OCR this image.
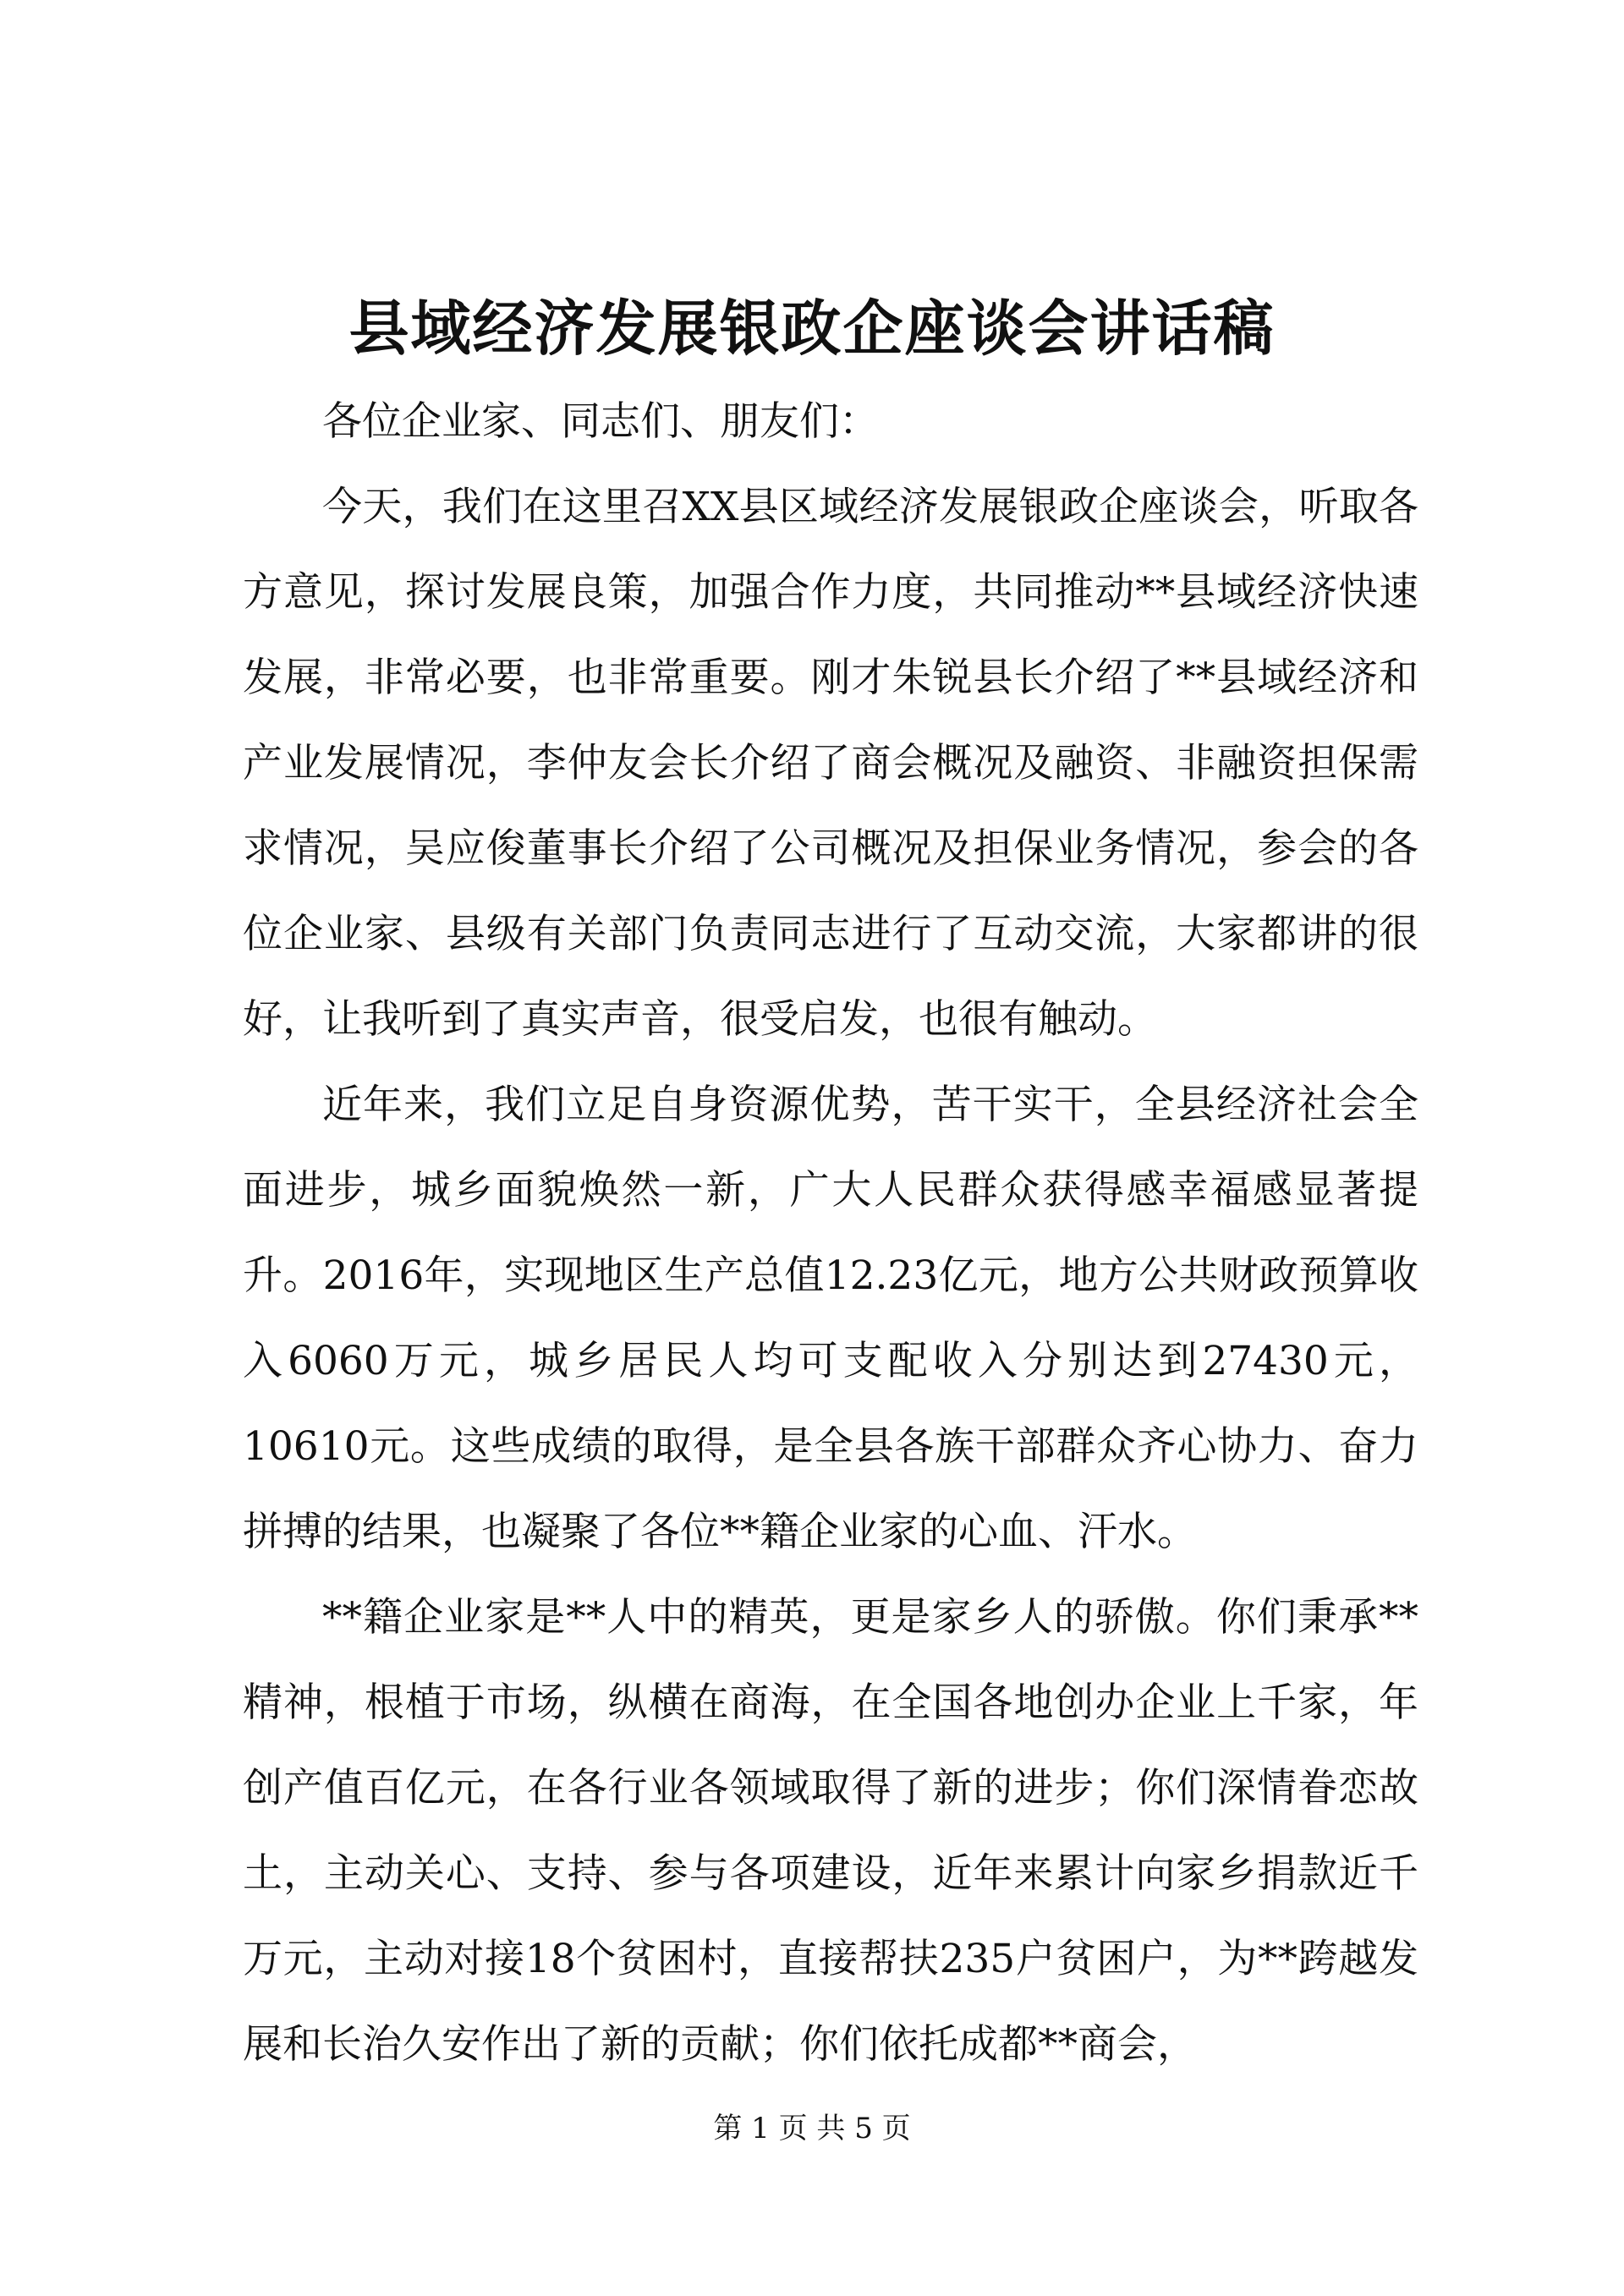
县域经济发展银政企座谈会讲话稿

各位企业家、同志们、朋友们：

今天，我们在这里召XX县区域经济发展银政企座谈会，听取各方意见，探讨发展良策，加强合作力度，共同推动**县域经济快速发展，非常必要，也非常重要。刚才朱锐县长介绍了**县域经济和产业发展情况，李仲友会长介绍了商会概况及融资、非融资担保需求情况，吴应俊董事长介绍了公司概况及担保业务情况，参会的各位企业家、县级有关部门负责同志进行了互动交流，大家都讲的很好，让我听到了真实声音，很受启发，也很有触动。

近年来，我们立足自身资源优势，苦干实干，全县经济社会全面进步，城乡面貌焕然一新，广大人民群众获得感幸福感显著提升。2016年，实现地区生产总值12.23亿元，地方公共财政预算收入6060万元，城乡居民人均可支配收入分别达到27430元，10610元。这些成绩的取得，是全县各族干部群众齐心协力、奋力拼搏的结果，也凝聚了各位**籍企业家的心血、汗水。

**籍企业家是**人中的精英，更是家乡人的骄傲。你们秉承**精神，根植于市场，纵横在商海，在全国各地创办企业上千家，年创产值百亿元，在各行业各领域取得了新的进步；你们深情眷恋故土，主动关心、支持、参与各项建设，近年来累计向家乡捐款近千万元，主动对接18个贫困村，直接帮扶235户贫困户，为**跨越发展和长治久安作出了新的贡献；你们依托成都**商会，

第 1 页 共 5 页
